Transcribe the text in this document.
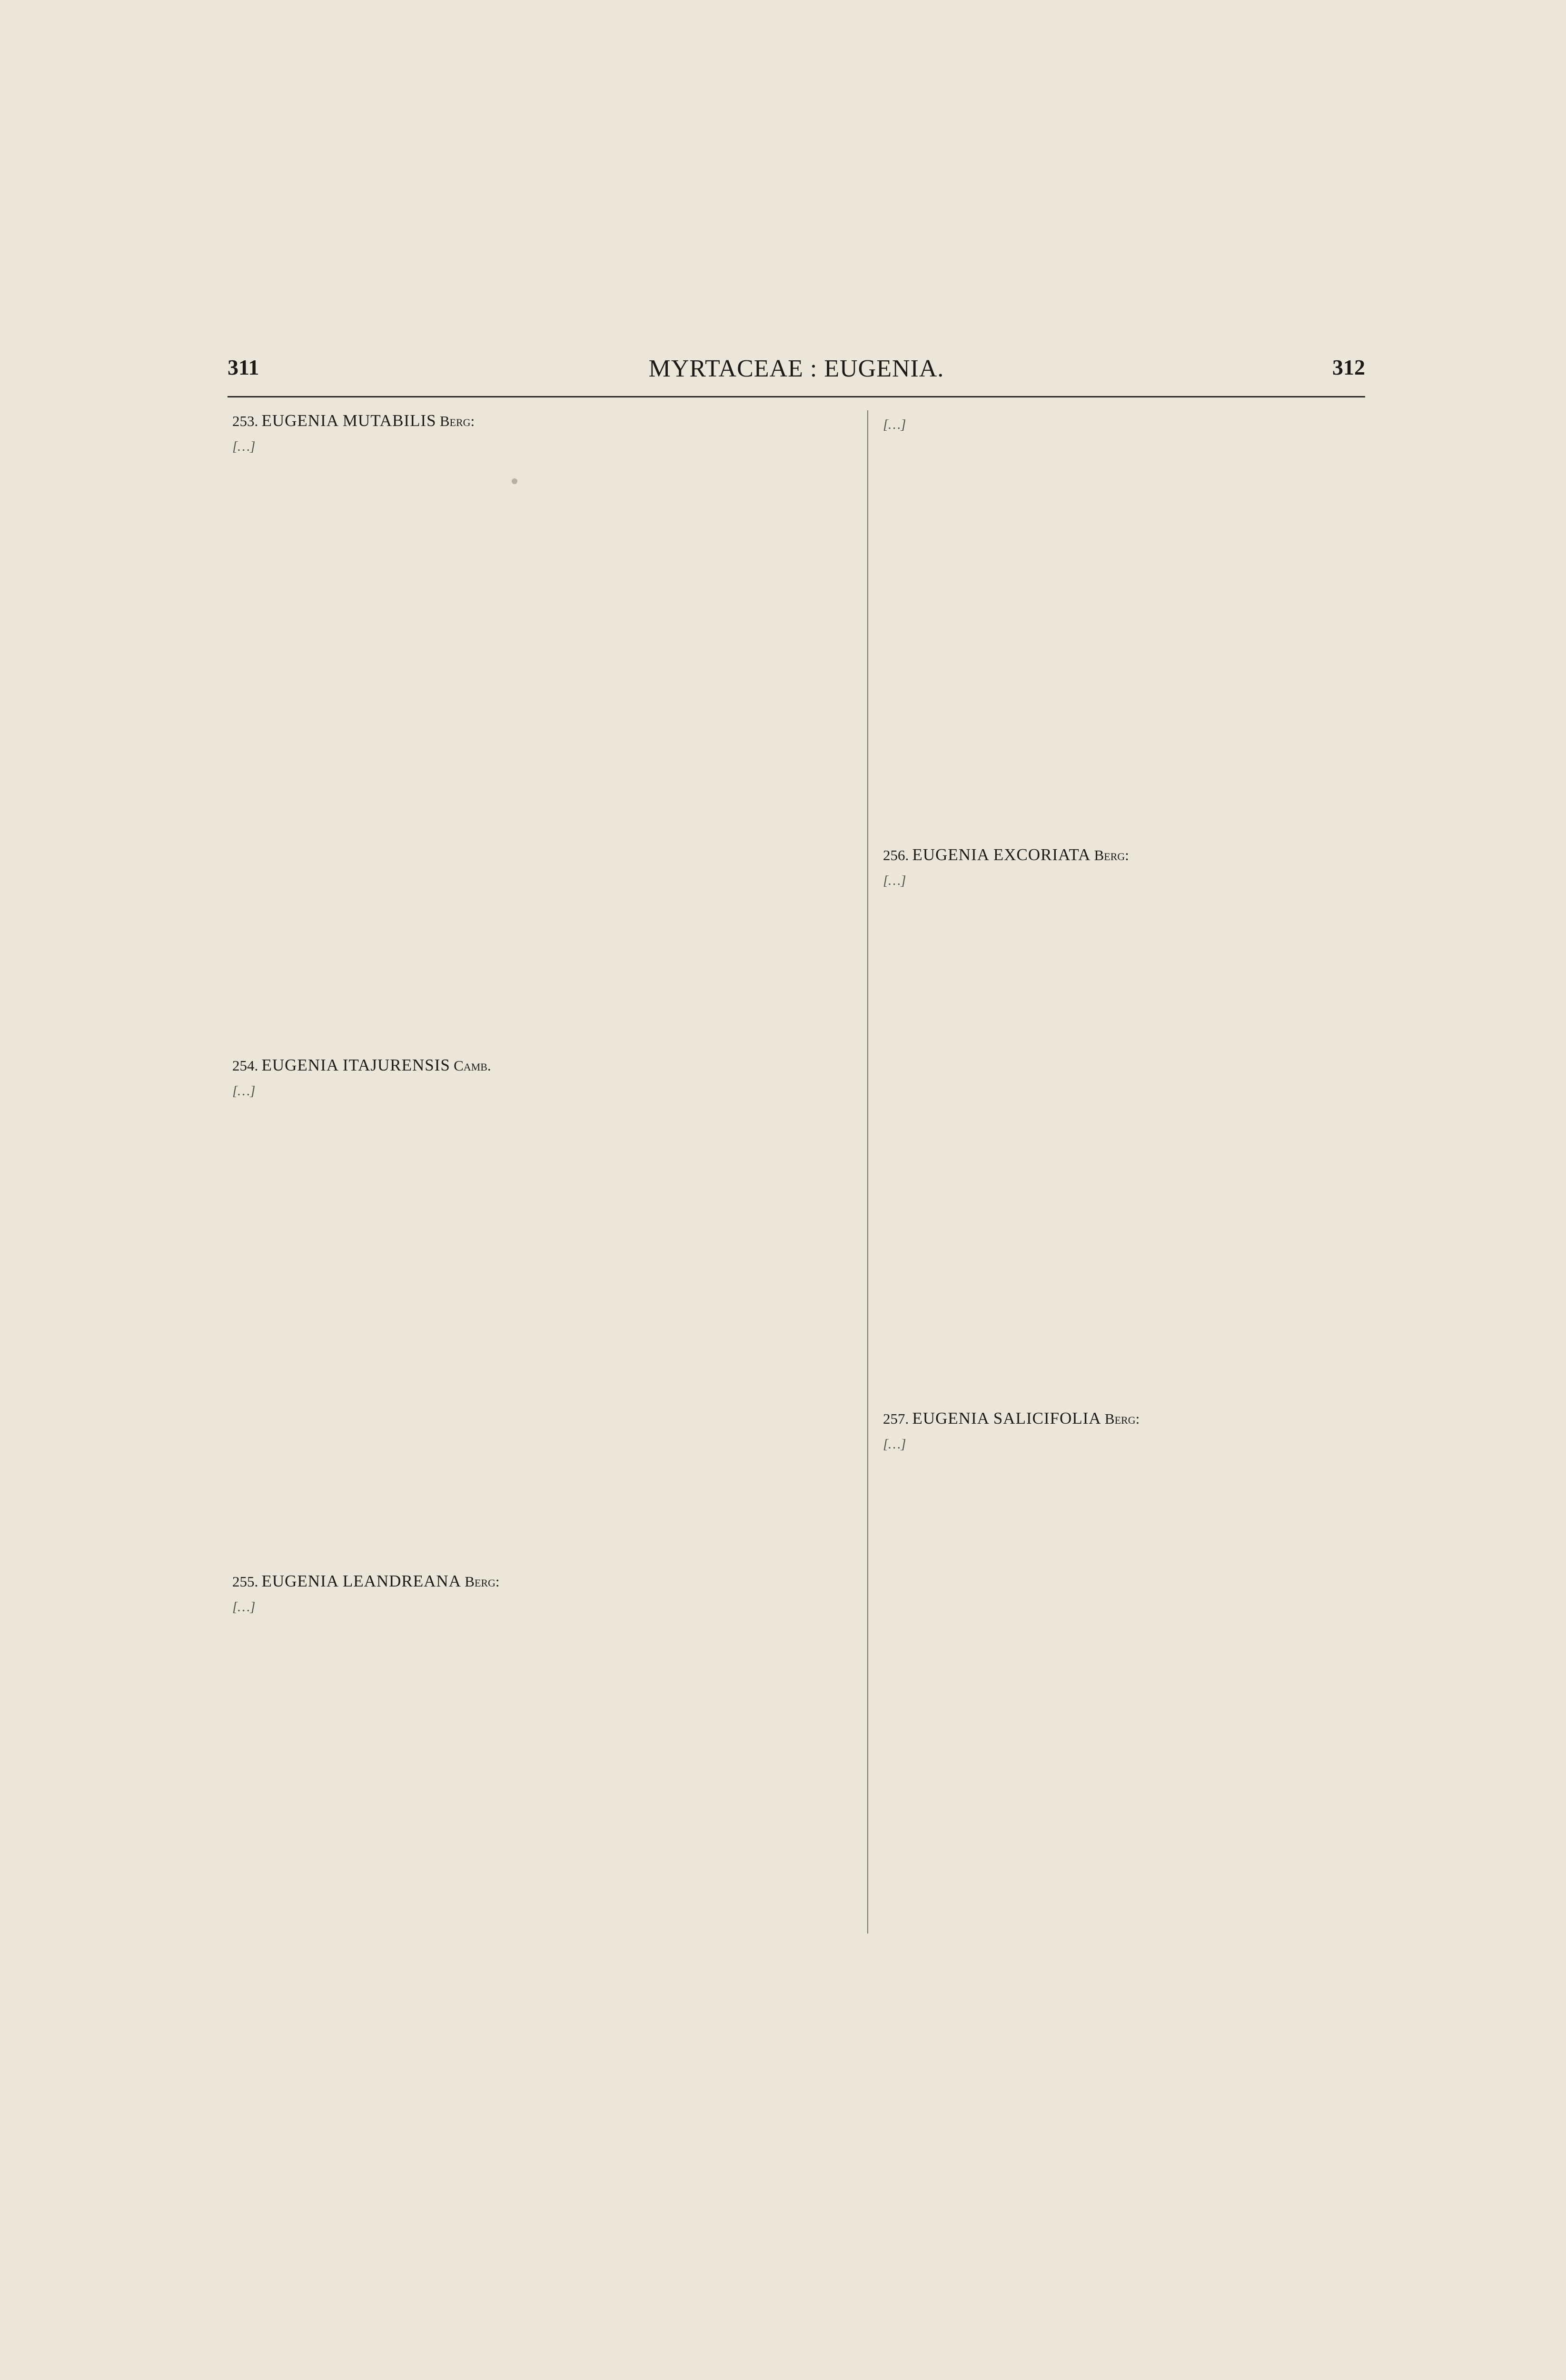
311	MYRTACEAE : EUGENIA.	312
253. EUGENIA MUTABILIS Berg:
[…]
254. EUGENIA ITAJURENSIS Camb.
[…]
255. EUGENIA LEANDREANA Berg:
[…]
[…]
256. EUGENIA EXCORIATA Berg:
[…]
257. EUGENIA SALICIFOLIA Berg:
[…]
